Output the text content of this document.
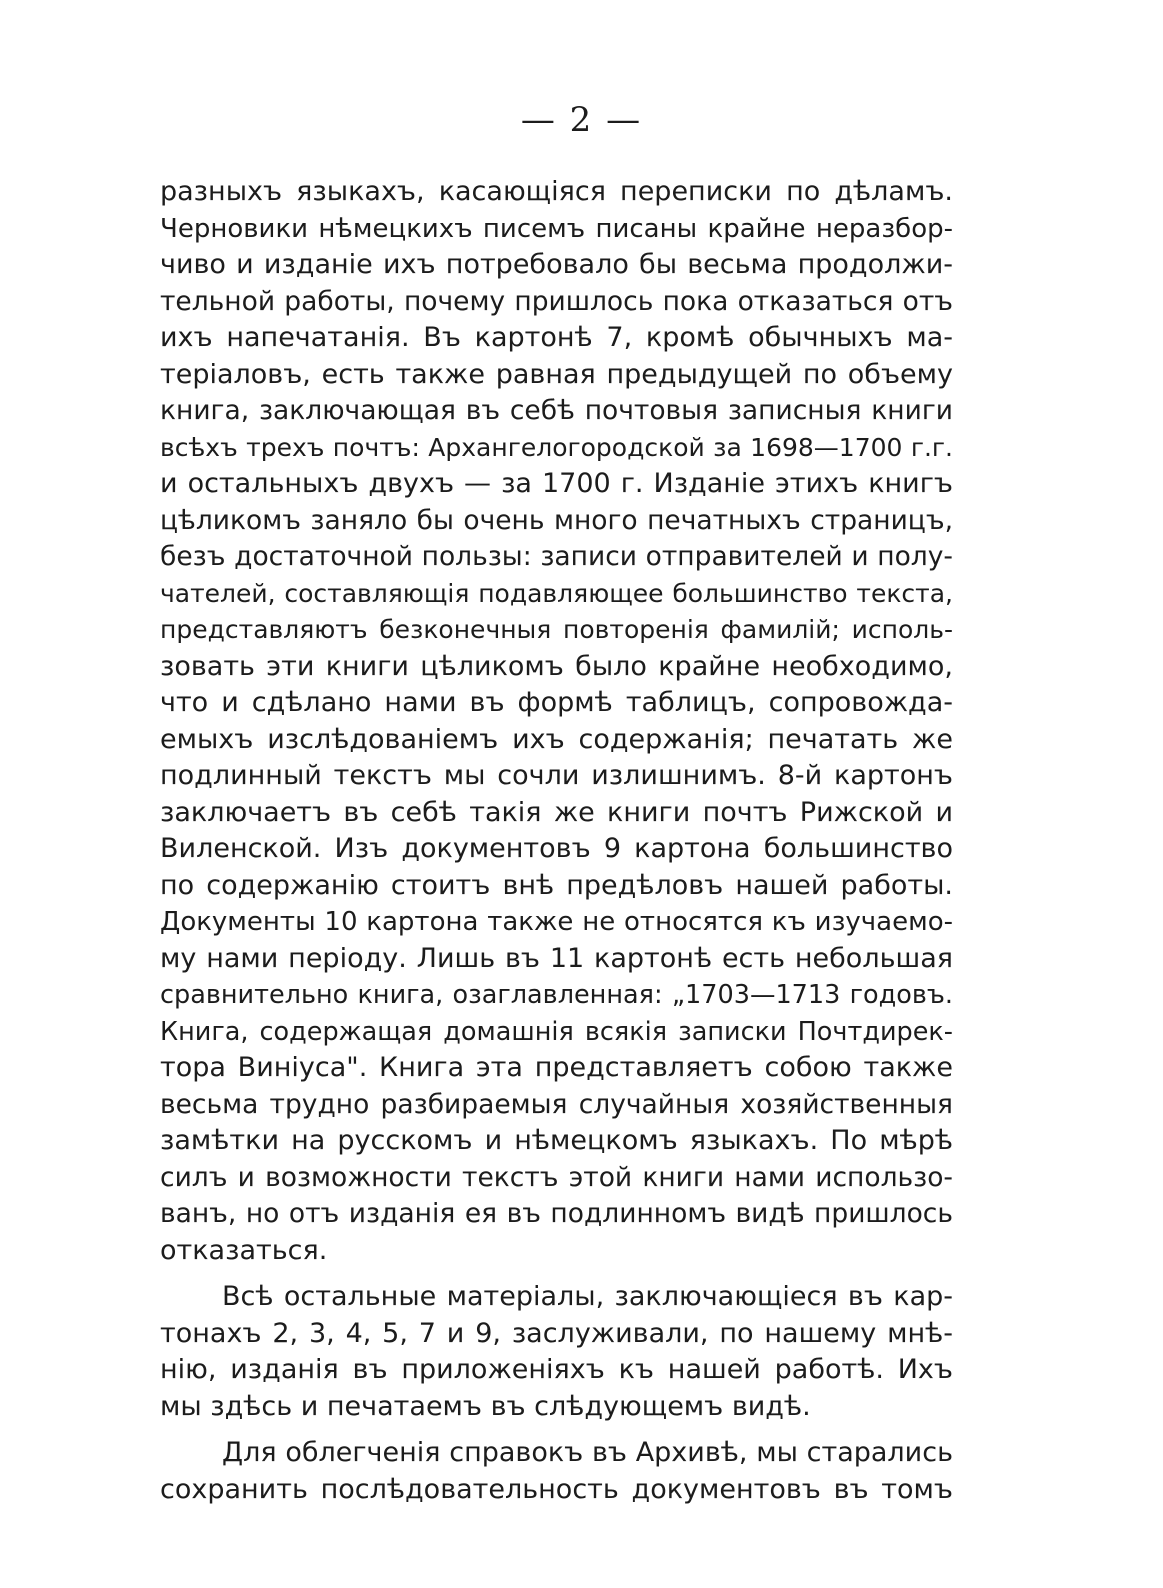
— 2 —
разныхъ языкахъ, касающіяся переписки по дѣламъ.
Черновики нѣмецкихъ писемъ писаны крайне неразбор-
чиво и изданіе ихъ потребовало бы весьма продолжи-
тельной работы, почему пришлось пока отказаться отъ
ихъ напечатанія. Въ картонѣ 7, кромѣ обычныхъ ма-
теріаловъ, есть также равная предыдущей по объему
книга, заключающая въ себѣ почтовыя записныя книги
всѣхъ трехъ почтъ: Архангелогородской за 1698—1700 г.г.
и остальныхъ двухъ — за 1700 г. Изданіе этихъ книгъ
цѣликомъ заняло бы очень много печатныхъ страницъ,
безъ достаточной пользы: записи отправителей и полу-
чателей, составляющія подавляющее большинство текста,
представляютъ безконечныя повторенія фамилій; исполь-
зовать эти книги цѣликомъ было крайне необходимо,
что и сдѣлано нами въ формѣ таблицъ, сопровожда-
емыхъ изслѣдованіемъ ихъ содержанія; печатать же
подлинный текстъ мы сочли излишнимъ. 8-й картонъ
заключаетъ въ себѣ такія же книги почтъ Рижской и
Виленской. Изъ документовъ 9 картона большинство
по содержанію стоитъ внѣ предѣловъ нашей работы.
Документы 10 картона также не относятся къ изучаемо-
му нами періоду. Лишь въ 11 картонѣ есть небольшая
сравнительно книга, озаглавленная: „1703—1713 годовъ.
Книга, содержащая домашнія всякія записки Почтдирек-
тора Виніуса". Книга эта представляетъ собою также
весьма трудно разбираемыя случайныя хозяйственныя
замѣтки на русскомъ и нѣмецкомъ языкахъ. По мѣрѣ
силъ и возможности текстъ этой книги нами использо-
ванъ, но отъ изданія ея въ подлинномъ видѣ пришлось
отказаться.
Всѣ остальные матеріалы, заключающіеся въ кар-
тонахъ 2, 3, 4, 5, 7 и 9, заслуживали, по нашему мнѣ-
нію, изданія въ приложеніяхъ къ нашей работѣ. Ихъ
мы здѣсь и печатаемъ въ слѣдующемъ видѣ.
Для облегченія справокъ въ Архивѣ, мы старались
сохранить послѣдовательность документовъ въ томъ
